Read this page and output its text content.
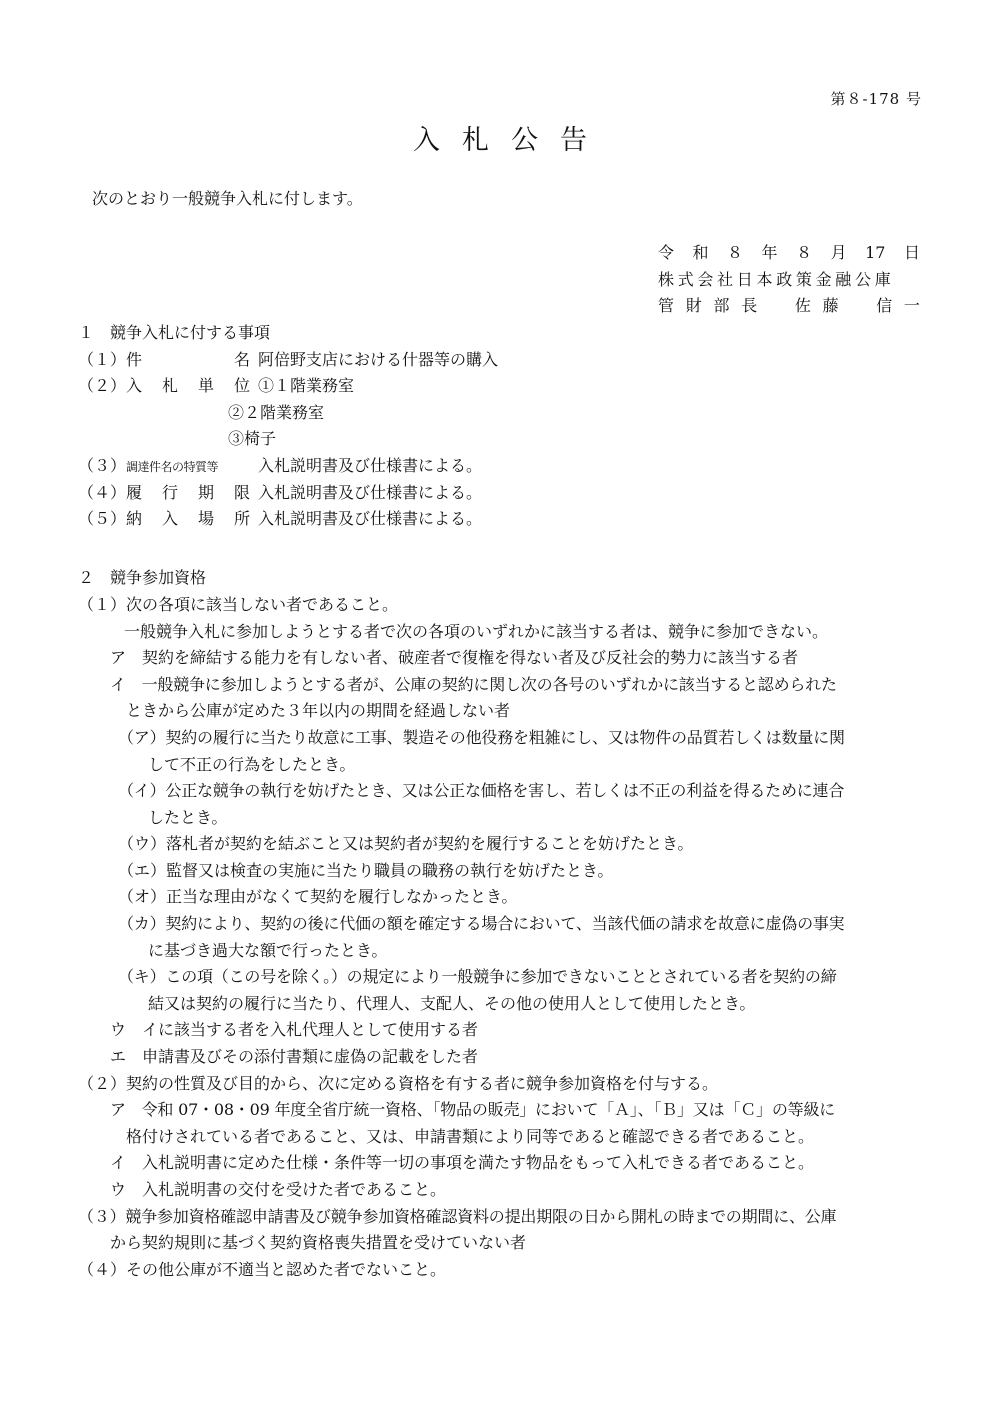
第８-178 号
入札公告
次のとおり一般競争入札に付します。
令 和 ８ 年 ８ 月 17 日
株式会社日本政策金融公庫
管 財 部 長 佐 藤 信 一
１　競争入札に付する事項
（１） 件	名 阿倍野支店における什器等の購入
（２） 入 札 単 位 ①１階業務室
②２階業務室
③椅子
（３）調達件名の特質等 入札説明書及び仕様書による。
（４） 履 行 期 限 入札説明書及び仕様書による。
（５） 納 入 場 所 入札説明書及び仕様書による。
２　競争参加資格
（１）次の各項に該当しない者であること。
一般競争入札に参加しようとする者で次の各項のいずれかに該当する者は、競争に参加できない。
ア　契約を締結する能力を有しない者、破産者で復権を得ない者及び反社会的勢力に該当する者
イ　一般競争に参加しようとする者が、公庫の契約に関し次の各号のいずれかに該当すると認められた
ときから公庫が定めた３年以内の期間を経過しない者
（ア）契約の履行に当たり故意に工事、製造その他役務を粗雑にし、又は物件の品質若しくは数量に関
して不正の行為をしたとき。
（イ）公正な競争の執行を妨げたとき、又は公正な価格を害し、若しくは不正の利益を得るために連合
したとき。
（ウ）落札者が契約を結ぶこと又は契約者が契約を履行することを妨げたとき。
（エ）監督又は検査の実施に当たり職員の職務の執行を妨げたとき。
（オ）正当な理由がなくて契約を履行しなかったとき。
（カ）契約により、契約の後に代価の額を確定する場合において、当該代価の請求を故意に虚偽の事実
に基づき過大な額で行ったとき。
（キ）この項（この号を除く。）の規定により一般競争に参加できないこととされている者を契約の締
結又は契約の履行に当たり、代理人、支配人、その他の使用人として使用したとき。
ウ　イに該当する者を入札代理人として使用する者
エ　申請書及びその添付書類に虚偽の記載をした者
（２）契約の性質及び目的から、次に定める資格を有する者に競争参加資格を付与する。
ア　令和 07・08・09 年度全省庁統一資格、「物品の販売」において「Ａ」、「Ｂ」又は「Ｃ」の等級に
格付けされている者であること、又は、申請書類により同等であると確認できる者であること。
イ　入札説明書に定めた仕様・条件等一切の事項を満たす物品をもって入札できる者であること。
ウ　入札説明書の交付を受けた者であること。
（３）競争参加資格確認申請書及び競争参加資格確認資料の提出期限の日から開札の時までの期間に、公庫
から契約規則に基づく契約資格喪失措置を受けていない者
（４）その他公庫が不適当と認めた者でないこと。
